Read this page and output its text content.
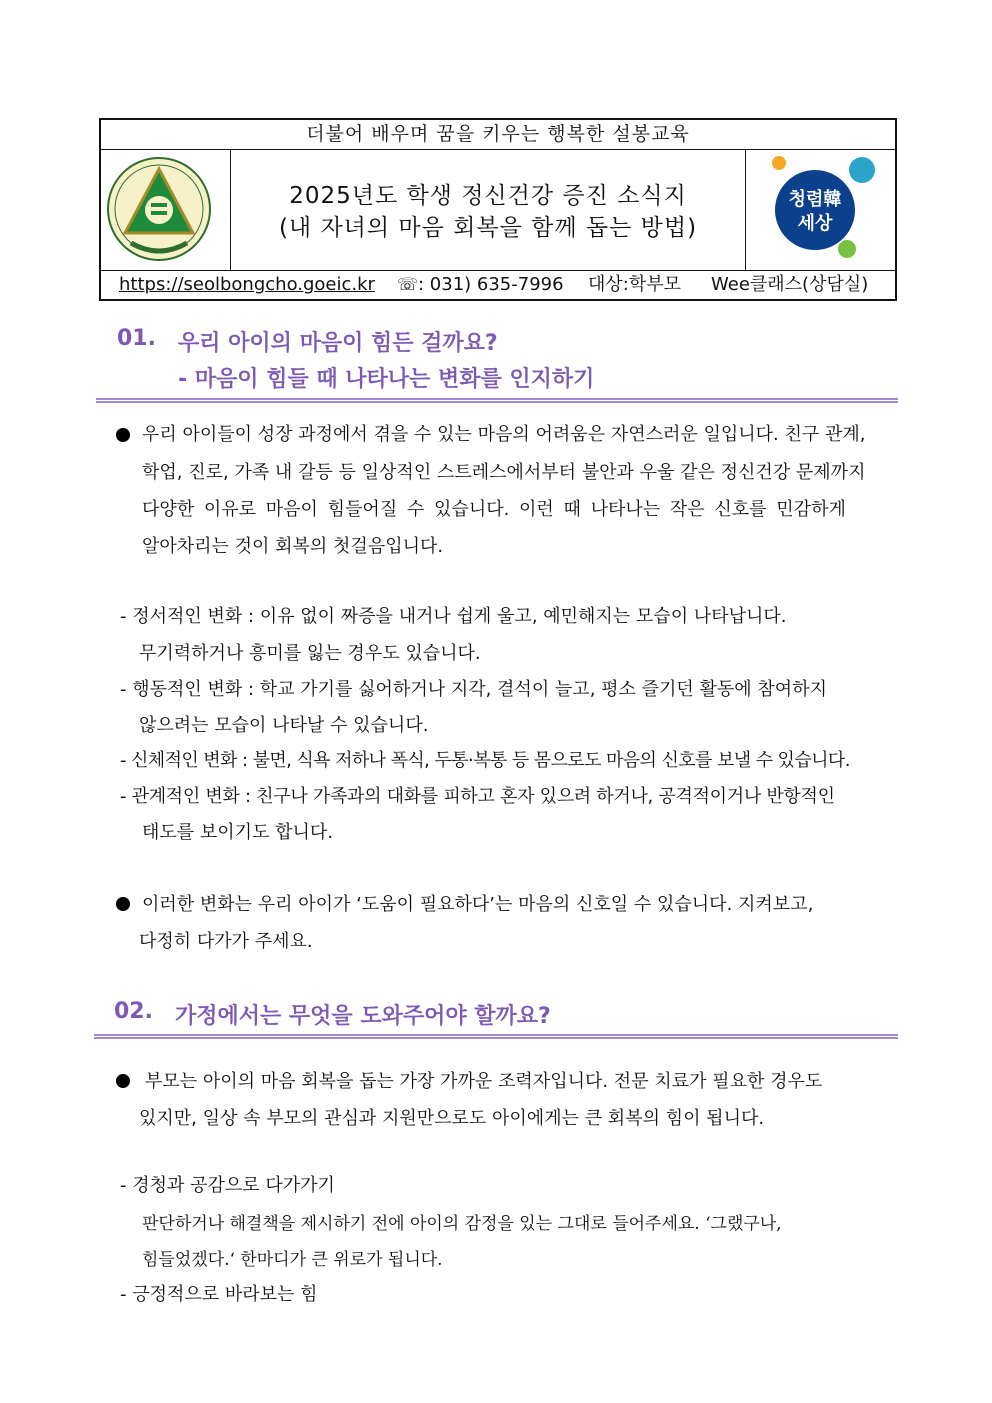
더불어 배우며 꿈을 키우는 행복한 설봉교육
2025년도 학생 정신건강 증진 소식지
(내 자녀의 마음 회복을 함께 돕는 방법)
청렴韓
세상
https://seolbongcho.goeic.kr ☏ : 031) 635-7996 대상:학부모 Wee클래스(상담실)
01. 우리 아이의 마음이 힘든 걸까요?
- 마음이 힘들 때 나타나는 변화를 인지하기
우리 아이들이 성장 과정에서 겪을 수 있는 마음의 어려움은 자연스러운 일입니다. 친구 관계,
학업, 진로, 가족 내 갈등 등 일상적인 스트레스에서부터 불안과 우울 같은 정신건강 문제까지
다양한 이유로 마음이 힘들어질 수 있습니다. 이런 때 나타나는 작은 신호를 민감하게
알아차리는 것이 회복의 첫걸음입니다.
- 정서적인 변화 : 이유 없이 짜증을 내거나 쉽게 울고, 예민해지는 모습이 나타납니다.
무기력하거나 흥미를 잃는 경우도 있습니다.
- 행동적인 변화 : 학교 가기를 싫어하거나 지각, 결석이 늘고, 평소 즐기던 활동에 참여하지
않으려는 모습이 나타날 수 있습니다.
- 신체적인 변화 : 불면, 식욕 저하나 폭식, 두통·복통 등 몸으로도 마음의 신호를 보낼 수 있습니다.
- 관계적인 변화 : 친구나 가족과의 대화를 피하고 혼자 있으려 하거나, 공격적이거나 반항적인
태도를 보이기도 합니다.
이러한 변화는 우리 아이가 ‘도움이 필요하다’는 마음의 신호일 수 있습니다. 지켜보고,
다정히 다가가 주세요.
02. 가정에서는 무엇을 도와주어야 할까요?
부모는 아이의 마음 회복을 돕는 가장 가까운 조력자입니다. 전문 치료가 필요한 경우도
있지만, 일상 속 부모의 관심과 지원만으로도 아이에게는 큰 회복의 힘이 됩니다.
- 경청과 공감으로 다가가기
판단하거나 해결책을 제시하기 전에 아이의 감정을 있는 그대로 들어주세요. ‘그랬구나,
힘들었겠다.‘ 한마디가 큰 위로가 됩니다.
- 긍정적으로 바라보는 힘
